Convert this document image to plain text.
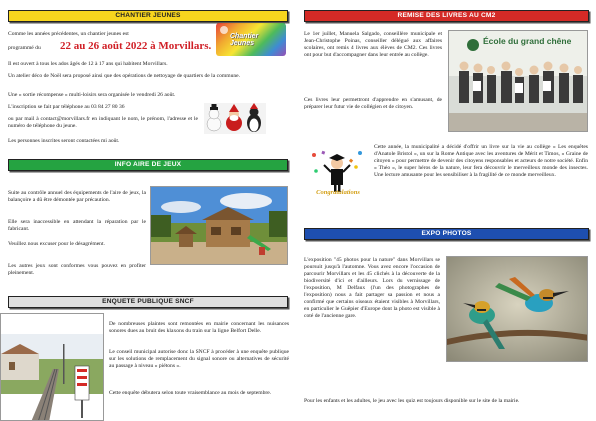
CHANTIER JEUNES
Comme les années précédentes, un chantier jeunes est
programmé du	22 au 26 août 2022 à Morvillars.
Chantier Jeunes
Il est ouvert à tous les ados âgés de 12 à 17 ans qui habitent Morvillars.
Un atelier déco de Noël sera proposé ainsi que des opérations de nettoyage de quartiers de la commune.
Une « sortie récompense » multi-loisirs sera organisée le vendredi 26 août.
L'inscription se fait par téléphone au 03 84 27 80 36
ou par mail à contact@morvillars.fr en indiquant le nom, le prénom, l'adresse et le numéro de téléphone du jeune.
Les personnes inscrites seront contactées mi août.
INFO AIRE DE JEUX
Suite au contrôle annuel des équipements de l'aire de jeux, la balançoire a dû être démontée par précaution.
Elle sera inaccessible en attendant la réparation par le fabricant.
Veuillez nous excuser pour le désagrément.
Les autres jeux sont conformes vous pouvez en profiter pleinement.
ENQUETE PUBLIQUE SNCF
De nombreuses plaintes sont remontées en mairie concernant les nuisances sonores dues au bruit des klaxons du train sur la ligne Belfort Delle.
Le conseil municipal autorise donc la SNCF à procéder à une enquête publique sur les solutions de remplacement du signal sonore ou alternatives de sécurité au passage à niveau « piétons ».
Cette enquête débutera selon toute vraisemblance au mois de septembre.
REMISE DES LIVRES AU CM2
Le 1er juillet, Manuela Salgado, conseillère municipale et Jean-Christophe Poinas, conseiller délégué aux affaires scolaires, ont remis 4 livres aux élèves de CM2. Ces livres ont pour but d'accompagner dans leur entrée au collège.
Ces livres leur permettront d'apprendre en s'amusant, de préparer leur futur vie de collégien et de citoyen.
École du grand chêne
Congratulations
Cette année, la municipalité a décidé d'offrir un livre sur la vie au collège « Les enquêtes d'Anatole Bristol », un sur la Rome Antique avec les aventures de Mérit et Timos, « Graine de citoyen » pour permettre de devenir des citoyens responsables et acteurs de notre société. Enfin « Théo », le super héros de la nature, leur fera découvrir le merveilleux monde des insectes. Une lecture amusante pour les sensibiliser à la fragilité de ce monde merveilleux.
EXPO PHOTOS
L'exposition "45 photos pour la nature" dans Morvillars se poursuit jusqu'à l'automne. Vous avez encore l'occasion de parcourir Morvillars et les 45 clichés à la découverte de la biodiversité d'ici et d'ailleurs. Lors du vernissage de l'exposition, M Delfaux (l'un des photographes de l'exposition) nous a fait partager sa passion et nous a confirmé que certains oiseaux étaient visibles à Morvillars, en particulier le Guêpier d'Europe dont la photo est visible à coté de l'ancienne gare.
Pour les enfants et les adultes, le jeu avec les quiz est toujours disponible sur le site de la mairie.
